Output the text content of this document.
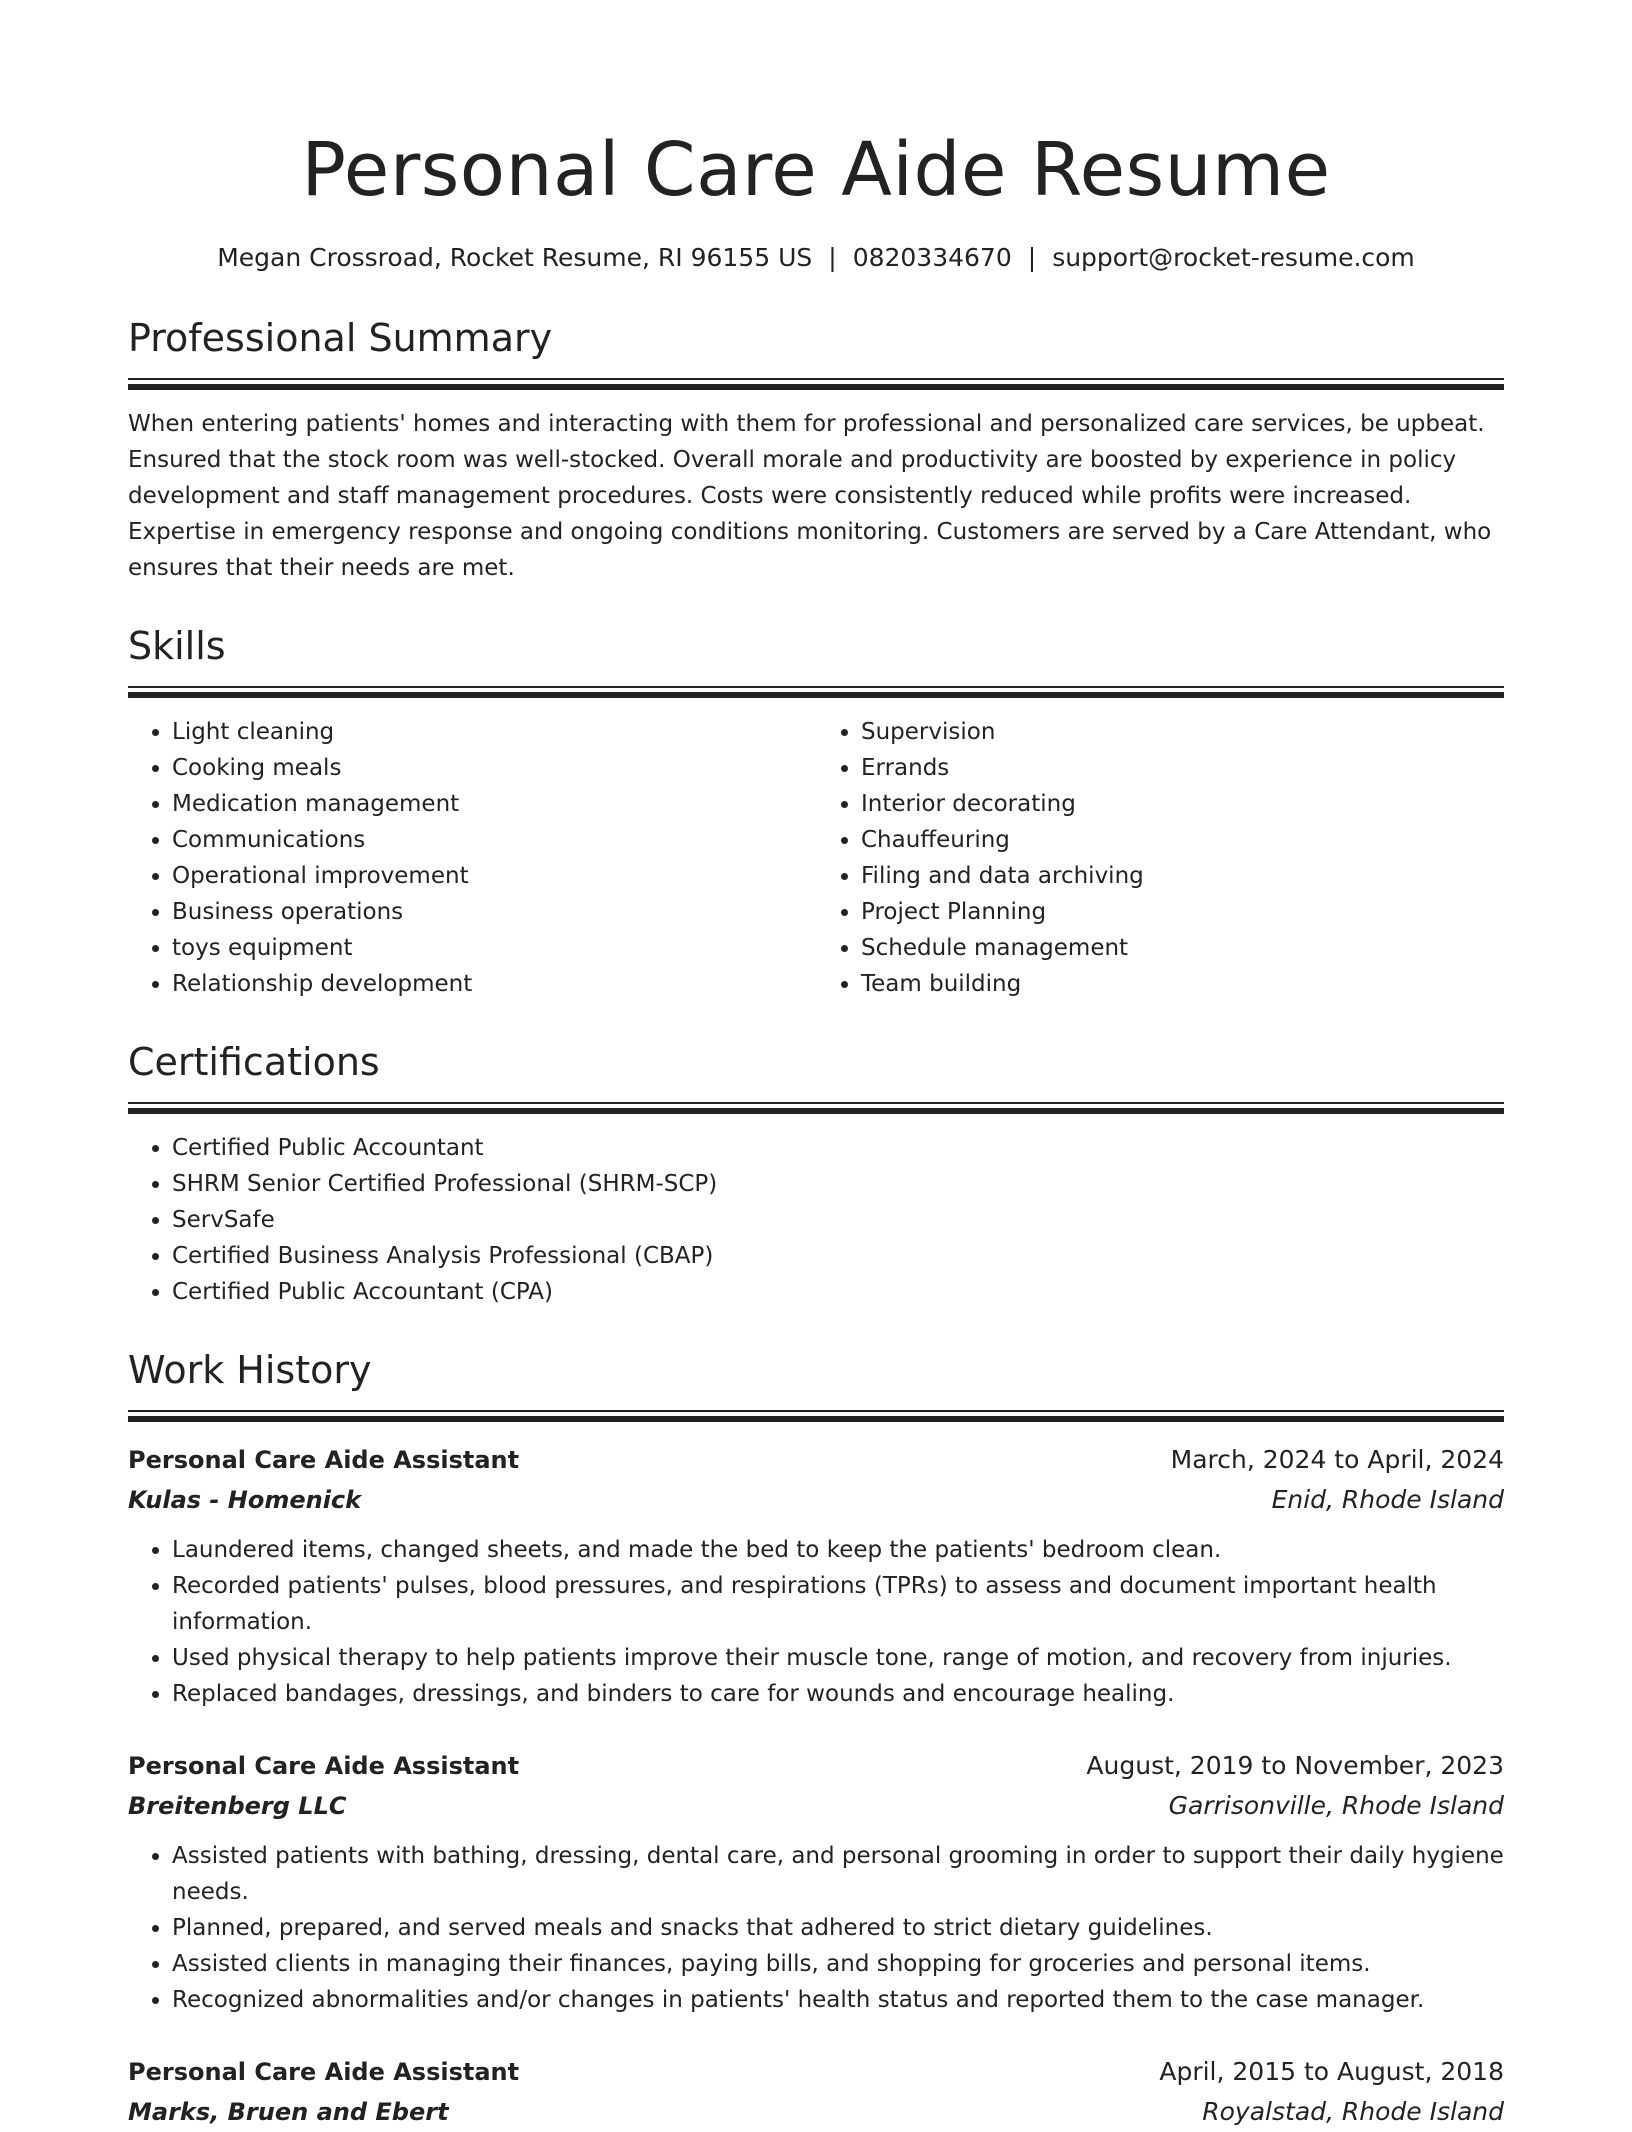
Personal Care Aide Resume
Megan Crossroad, Rocket Resume, RI 96155 US | 0820334670 | support@rocket-resume.com
Professional Summary
When entering patients' homes and interacting with them for professional and personalized care services, be upbeat. Ensured that the stock room was well-stocked. Overall morale and productivity are boosted by experience in policy development and staff management procedures. Costs were consistently reduced while profits were increased. Expertise in emergency response and ongoing conditions monitoring. Customers are served by a Care Attendant, who ensures that their needs are met.
Skills
• Light cleaning
• Cooking meals
• Medication management
• Communications
• Operational improvement
• Business operations
• toys equipment
• Relationship development
• Supervision
• Errands
• Interior decorating
• Chauffeuring
• Filing and data archiving
• Project Planning
• Schedule management
• Team building
Certifications
• Certified Public Accountant
• SHRM Senior Certified Professional (SHRM-SCP)
• ServSafe
• Certified Business Analysis Professional (CBAP)
• Certified Public Accountant (CPA)
Work History
Personal Care Aide Assistant	March, 2024 to April, 2024
Kulas - Homenick	Enid, Rhode Island
• Laundered items, changed sheets, and made the bed to keep the patients' bedroom clean.
• Recorded patients' pulses, blood pressures, and respirations (TPRs) to assess and document important health information.
• Used physical therapy to help patients improve their muscle tone, range of motion, and recovery from injuries.
• Replaced bandages, dressings, and binders to care for wounds and encourage healing.
Personal Care Aide Assistant	August, 2019 to November, 2023
Breitenberg LLC	Garrisonville, Rhode Island
• Assisted patients with bathing, dressing, dental care, and personal grooming in order to support their daily hygiene needs.
• Planned, prepared, and served meals and snacks that adhered to strict dietary guidelines.
• Assisted clients in managing their finances, paying bills, and shopping for groceries and personal items.
• Recognized abnormalities and/or changes in patients' health status and reported them to the case manager.
Personal Care Aide Assistant	April, 2015 to August, 2018
Marks, Bruen and Ebert	Royalstad, Rhode Island
